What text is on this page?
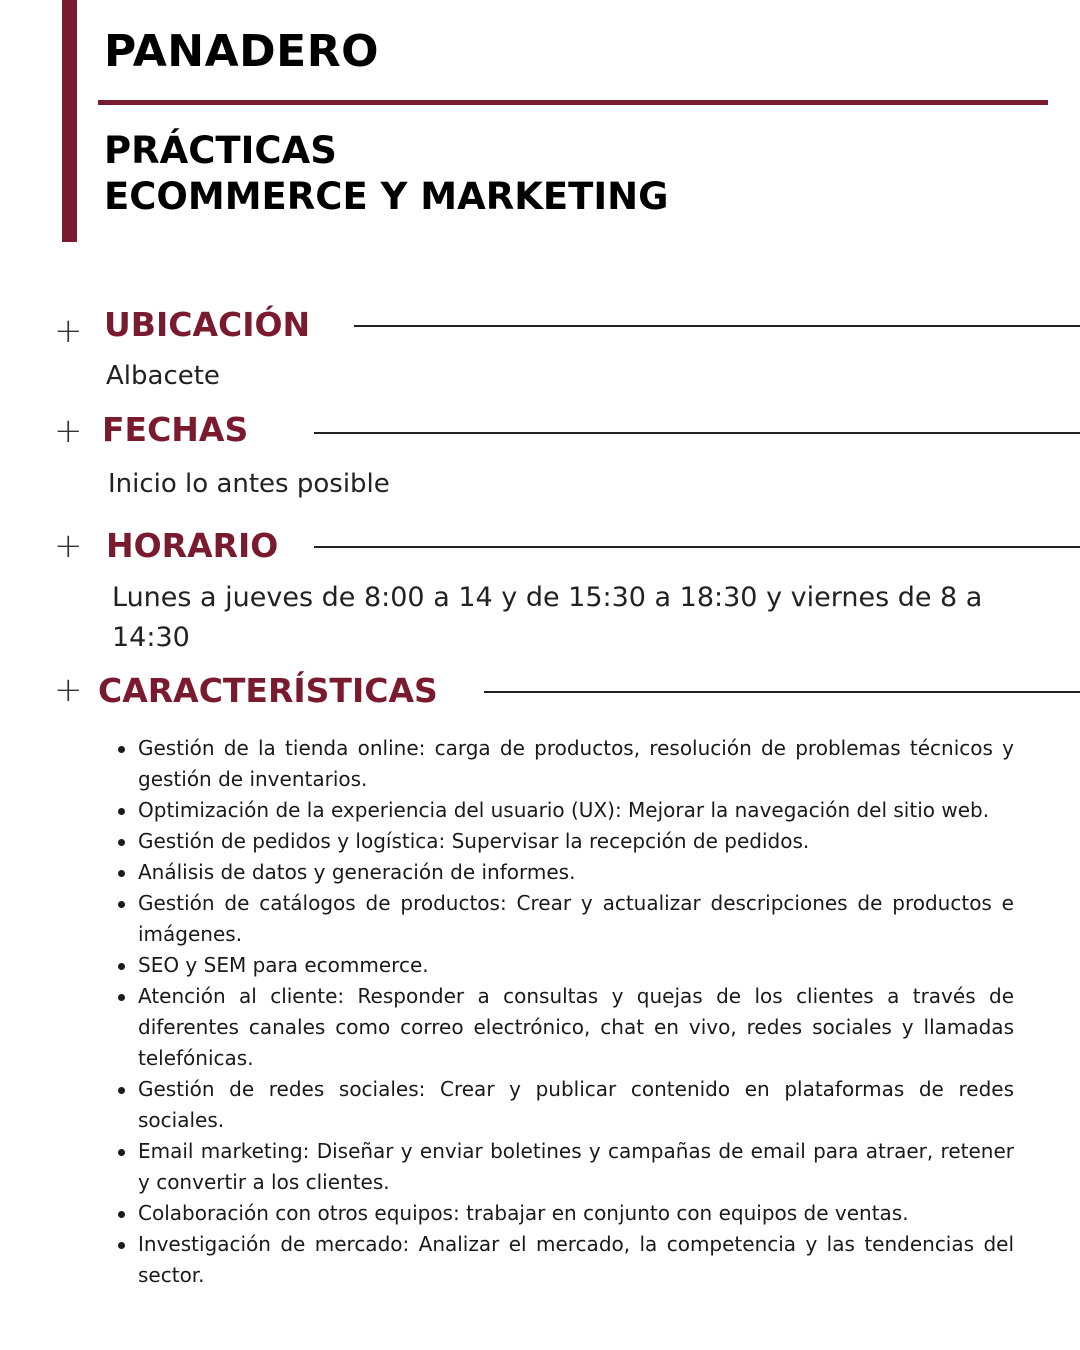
PANADERO
PRÁCTICAS
ECOMMERCE Y MARKETING
+ UBICACIÓN

Albacete

+ FECHAS

Inicio lo antes posible

+ HORARIO

Lunes a jueves de 8:00 a 14 y de 15:30 a 18:30 y viernes de 8 a 14:30

+ CARACTERÍSTICAS
Gestión de la tienda online: carga de productos, resolución de problemas técnicos y gestión de inventarios.
Optimización de la experiencia del usuario (UX): Mejorar la navegación del sitio web.
Gestión de pedidos y logística: Supervisar la recepción de pedidos.
Análisis de datos y generación de informes.
Gestión de catálogos de productos: Crear y actualizar descripciones de productos e imágenes.
SEO y SEM para ecommerce.
Atención al cliente: Responder a consultas y quejas de los clientes a través de diferentes canales como correo electrónico, chat en vivo, redes sociales y llamadas telefónicas.
Gestión de redes sociales: Crear y publicar contenido en plataformas de redes sociales.
Email marketing: Diseñar y enviar boletines y campañas de email para atraer, retener y convertir a los clientes.
Colaboración con otros equipos: trabajar en conjunto con equipos de ventas.
Investigación de mercado: Analizar el mercado, la competencia y las tendencias del sector.
